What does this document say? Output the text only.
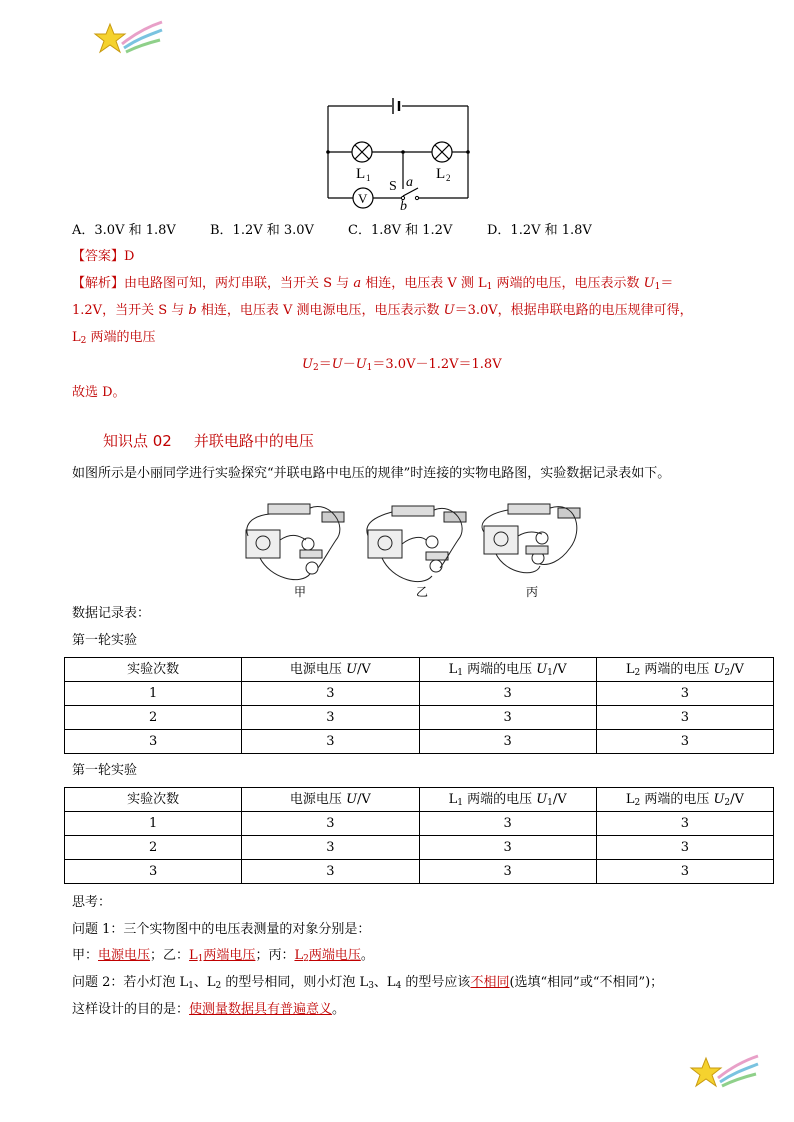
L 1	L 2
S a
b
V
A．3.0V 和 1.8V	B．1.2V 和 3.0V	C．1.8V 和 1.2V	D．1.2V 和 1.8V
【答案】D
【解析】由电路图可知，两灯串联，当开关 S 与 a 相连，电压表 V 测 $L_1$ 两端的电压，电压表示数 $U_1=$
1.2V，当开关 S 与 b 相连，电压表 V 测电源电压，电压表示数 U＝3.0V，根据串联电路的电压规律可得，
$L_2$ 两端的电压
$U_2=U-U_1=3.0V-1.2V=1.8V$
故选 D。
知识点 02 并联电路中的电压
如图所示是小丽同学进行实验探究“并联电路中电压的规律”时连接的实物电路图，实验数据记录表如下。
甲	乙	丙
数据记录表：
第一轮实验
实验次数	电源电压 U/V	$L_1$ 两端的电压 $U_1/V$	$L_2$ 两端的电压 $U_2/V$
1	3	3	3
2	3	3	3
3	3	3	3
第一轮实验
实验次数	电源电压 U/V	$L_1$ 两端的电压 $U_1/V$	$L_2$ 两端的电压 $U_2/V$
1	3	3	3
2	3	3	3
3	3	3	3
思考：
问题 1：三个实物图中的电压表测量的对象分别是：
甲：电源电压；乙：$L_1$两端电压；丙：$L_2$两端电压。
问题 2：若小灯泡 $L_1$、$L_2$ 的型号相同，则小灯泡 $L_3$、$L_4$ 的型号应该不相同(选填“相同”或“不相同”)；
这样设计的目的是：使测量数据具有普遍意义。
